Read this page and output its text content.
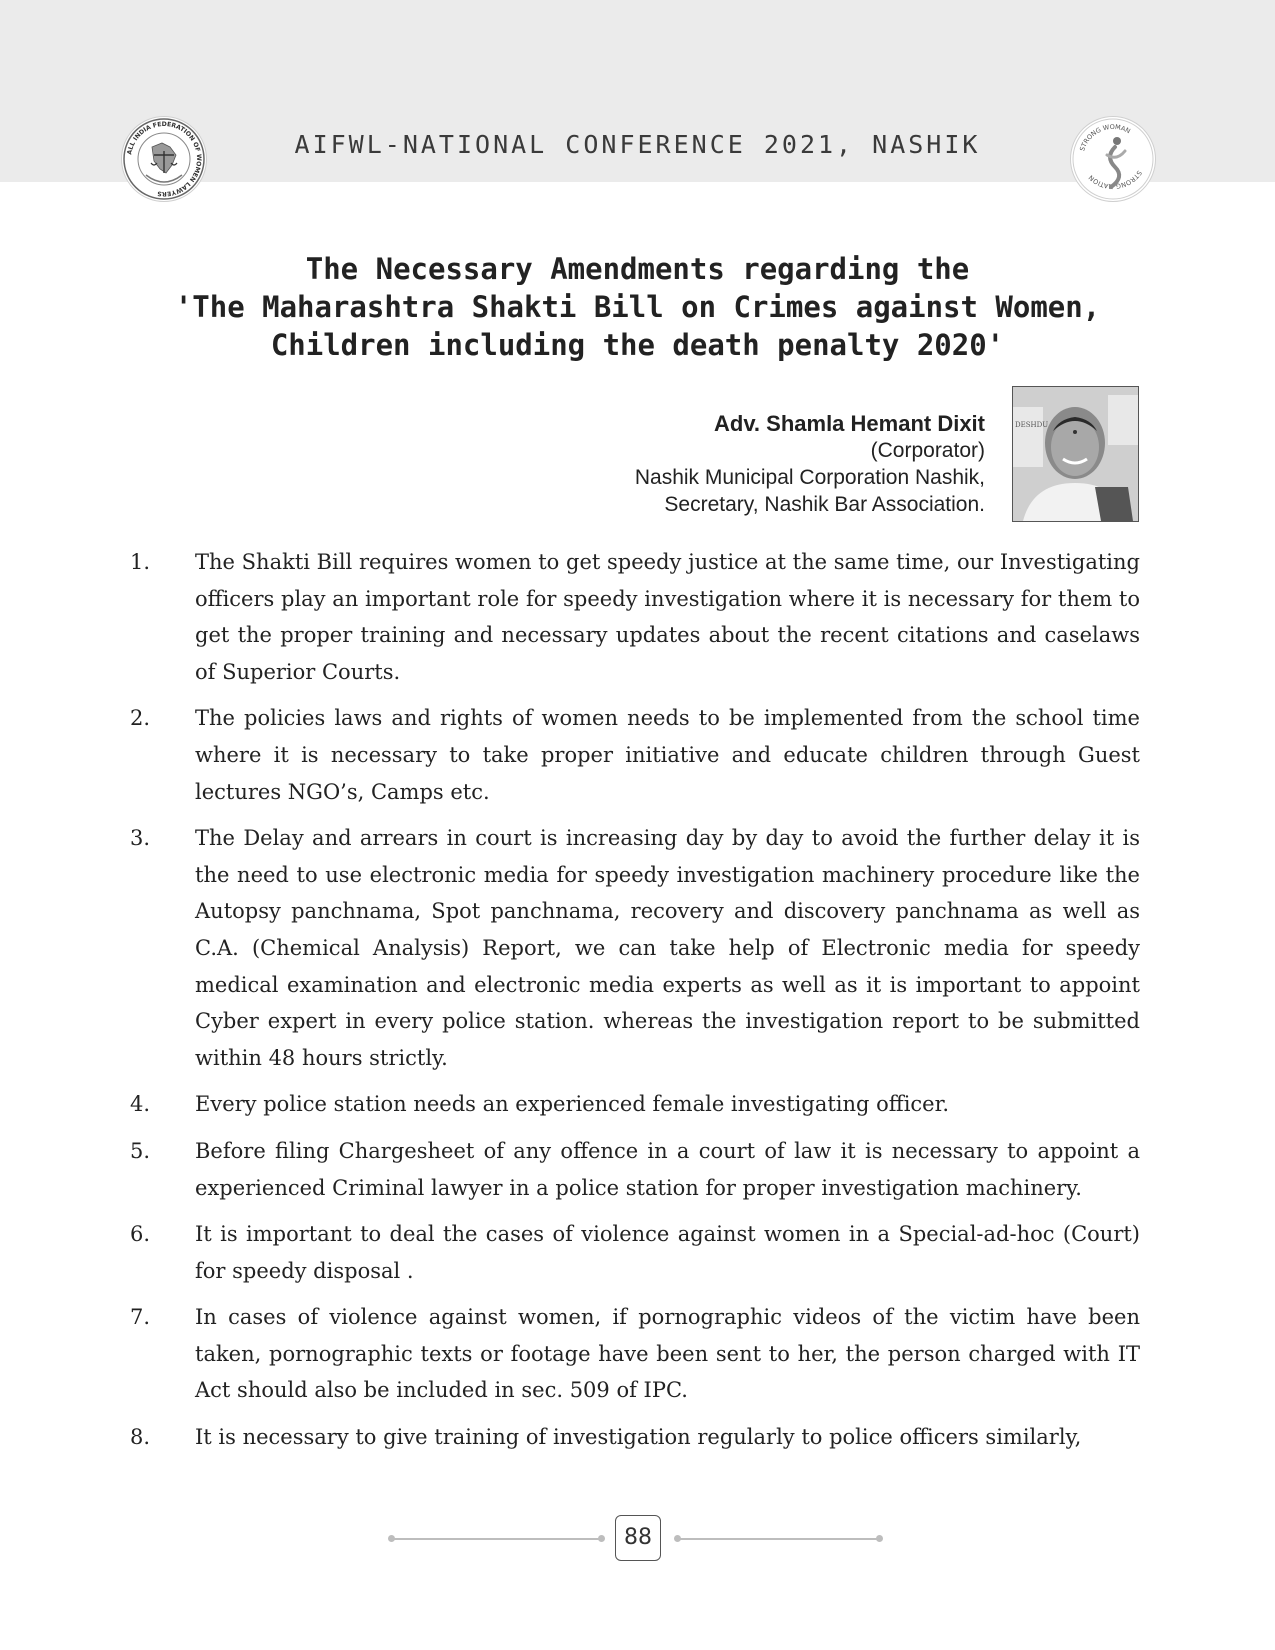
ALL INDIA FEDERATION OF WOMEN LAWYERS
AIFWL-NATIONAL CONFERENCE 2021, NASHIK	STRONG WOMAN
STRONG NATION
The Necessary Amendments regarding the
'The Maharashtra Shakti Bill on Crimes against Women,
Children including the death penalty 2020'
Adv. Shamla Hemant Dixit
(Corporator)
Nashik Municipal Corporation Nashik,
Secretary, Nashik Bar Association.
DESHDU
1.	The Shakti Bill requires women to get speedy justice at the same time, our Investigating officers play an important role for speedy investigation where it is necessary for them to get the proper training and necessary updates about the recent citations and caselaws of Superior Courts.
2.	The policies laws and rights of women needs to be implemented from the school time where it is necessary to take proper initiative and educate children through Guest lectures NGO’s, Camps etc.
3.	The Delay and arrears in court is increasing day by day to avoid the further delay it is the need to use electronic media for speedy investigation machinery procedure like the Autopsy panchnama, Spot panchnama, recovery and discovery panchnama as well as C.A. (Chemical Analysis) Report, we can take help of Electronic media for speedy medical examination and electronic media experts as well as it is important to appoint Cyber expert in every police station. whereas the investigation report to be submitted within 48 hours strictly.
4.	Every police station needs an experienced female investigating officer.
5.	Before filing Chargesheet of any offence in a court of law it is necessary to appoint a experienced Criminal lawyer in a police station for proper investigation machinery.
6.	It is important to deal the cases of violence against women in a Special-ad-hoc (Court) for speedy disposal .
7.	In cases of violence against women, if pornographic videos of the victim have been taken, pornographic texts or footage have been sent to her, the person charged with IT Act should also be included in sec. 509 of IPC.
8.	It is necessary to give training of investigation regularly to police officers similarly,
88
